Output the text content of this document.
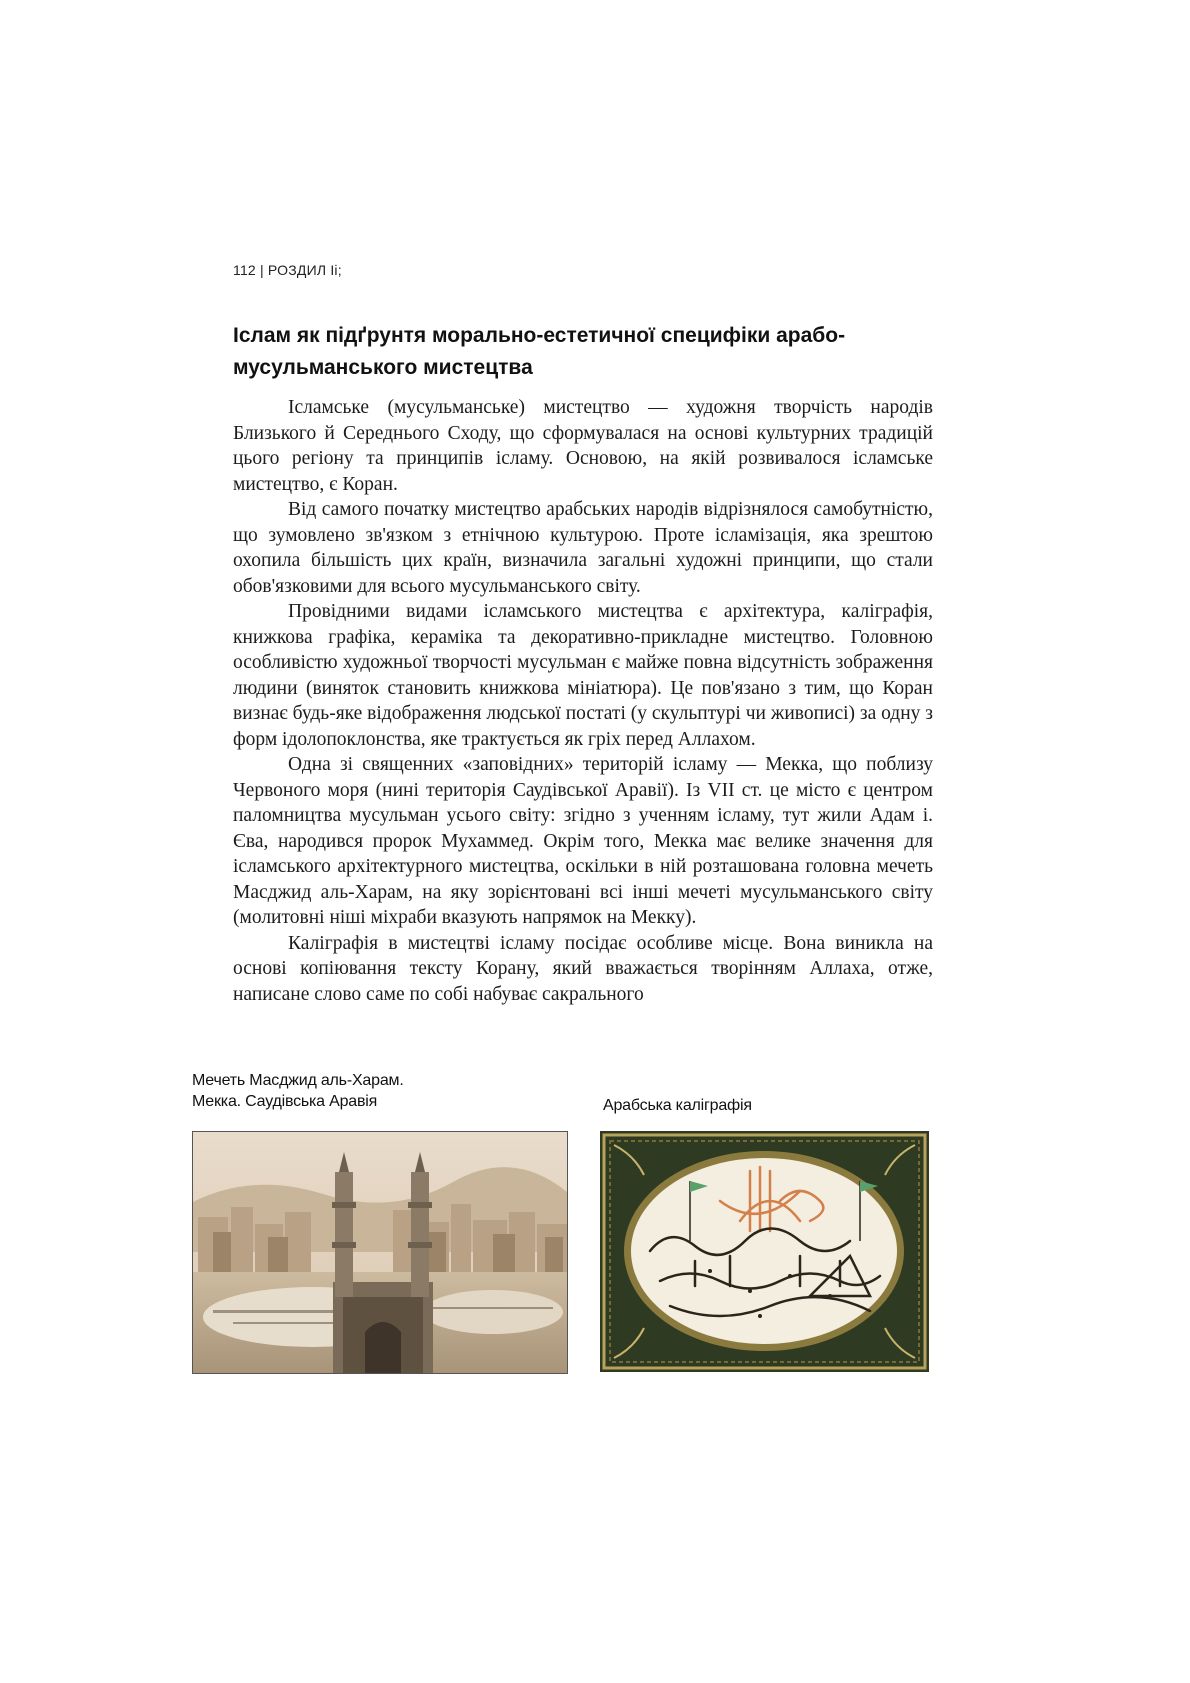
112 | РОЗДИЛ Іі;
Іслам як підґрунтя морально-естетичної специфіки арабо-мусульманського мистецтва

Ісламське (мусульманське) мистецтво — художня творчість народів Близького й Середнього Сходу, що сформувалася на основі культурних традицій цього регіону та принципів ісламу. Основою, на якій розвивалося ісламське мистецтво, є Коран.

Від самого початку мистецтво арабських народів відрізнялося самобутністю, що зумовлено зв'язком з етнічною культурою. Проте ісламізація, яка зрештою охопила більшість цих країн, визначила загальні художні принципи, що стали обов'язковими для всього мусульманського світу.

Провідними видами ісламського мистецтва є архітектура, каліграфія, книжкова графіка, кераміка та декоративно-прикладне мистецтво. Головною особливістю художньої творчості мусульман є майже повна відсутність зображення людини (виняток становить книжкова мініатюра). Це пов'язано з тим, що Коран визнає будь-яке відображення людської постаті (у скульптурі чи живописі) за одну з форм ідолопоклонства, яке трактується як гріх перед Аллахом.

Одна зі священних «заповідних» територій ісламу — Мекка, що поблизу Червоного моря (нині територія Саудівської Аравії). Із VII ст. це місто є центром паломництва мусульман усього світу: згідно з ученням ісламу, тут жили Адам і. Єва, народився пророк Мухаммед. Окрім того, Мекка має велике значення для ісламського архітектурного мистецтва, оскільки в ній розташована головна мечеть Масджид аль-Харам, на яку зорієнтовані всі інші мечеті мусульманського світу (молитовні ніші міхраби вказують напрямок на Мекку).

Каліграфія в мистецтві ісламу посідає особливе місце. Вона виникла на основі копіювання тексту Корану, який вважається творінням Аллаха, отже, написане слово саме по собі набуває сакрального

Мечеть Масджид аль-Харам.
Мекка. Саудівська Аравія	Арабська каліграфія
